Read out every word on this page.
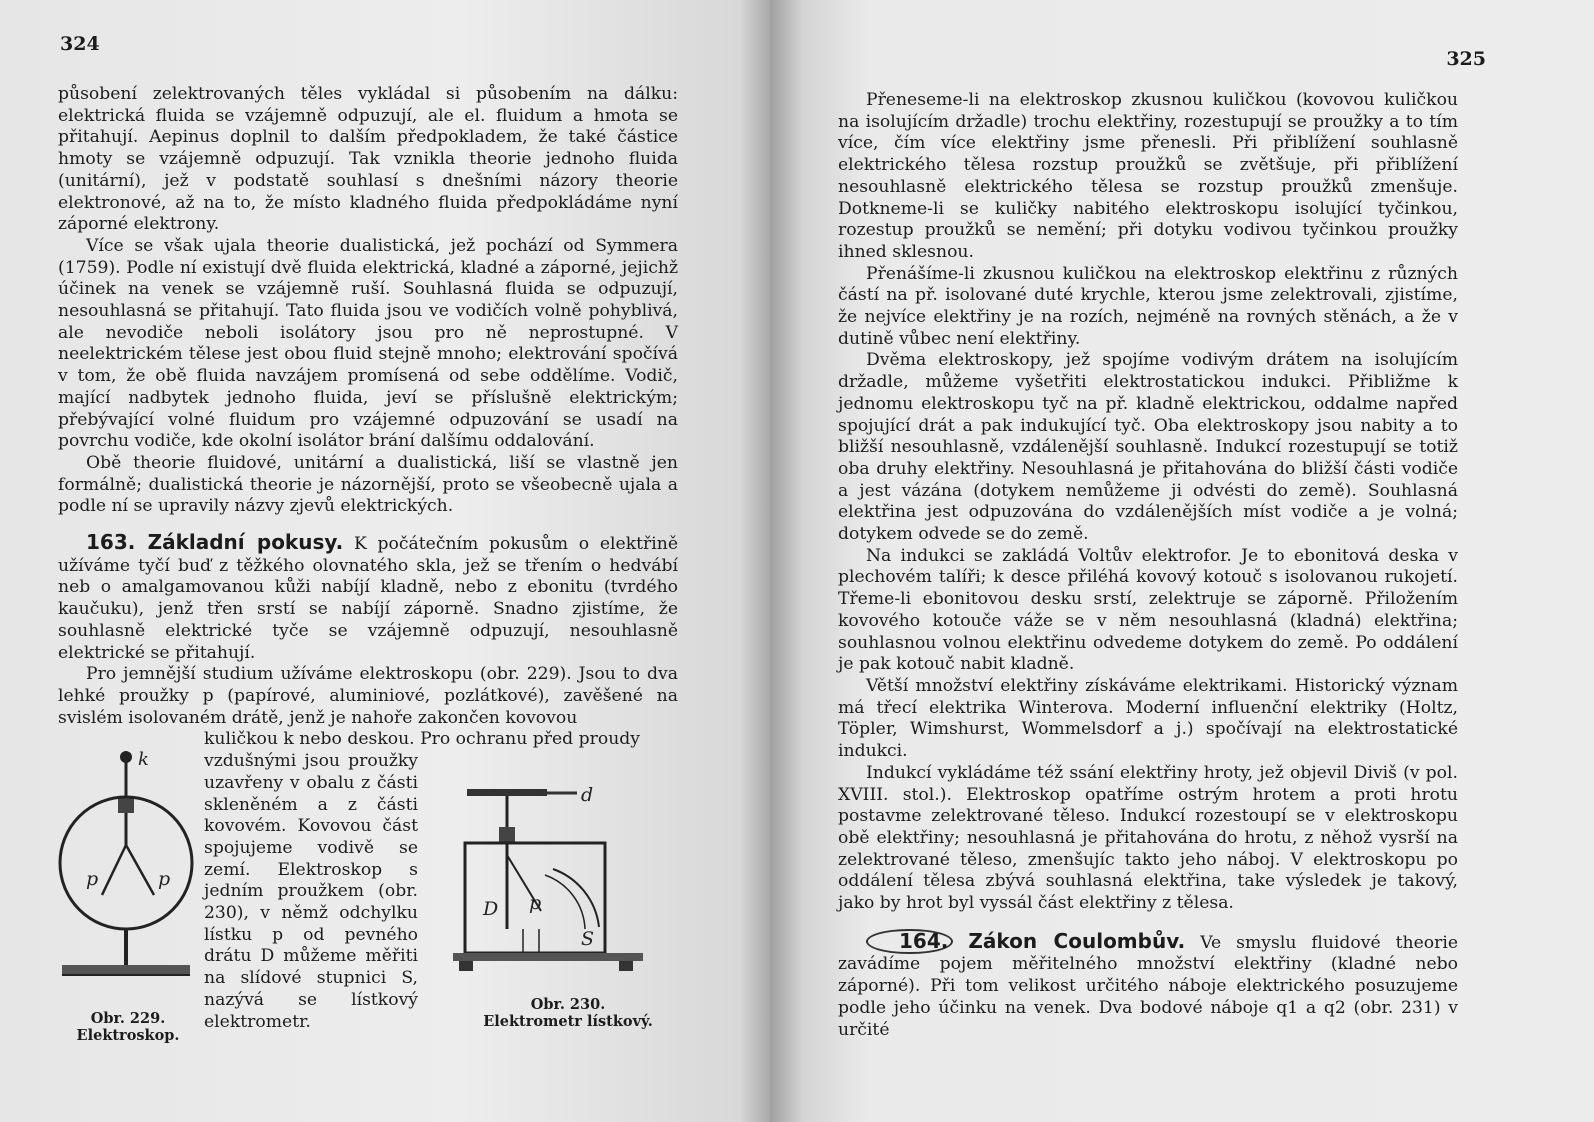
324

působení zelektrovaných těles vykládal si působením na dálku: elektrická fluida se vzájemně odpuzují, ale el. fluidum a hmota se přitahují. Aepinus doplnil to dalším předpokladem, že také částice hmoty se vzájemně odpuzují. Tak vznikla theorie jednoho fluida (unitární), jež v podstatě souhlasí s dnešními názory theorie elektronové, až na to, že místo kladného fluida předpokládáme nyní záporné elektrony.

Více se však ujala theorie dualistická, jež pochází od Symmera (1759). Podle ní existují dvě fluida elektrická, kladné a záporné, jejichž účinek na venek se vzájemně ruší. Souhlasná fluida se odpuzují, nesouhlasná se přitahují. Tato fluida jsou ve vodičích volně pohyblivá, ale nevodiče neboli isolátory jsou pro ně neprostupné. V neelektrickém tělese jest obou fluid stejně mnoho; elektrování spočívá v tom, že obě fluida navzájem promísená od sebe oddělíme. Vodič, mající nadbytek jednoho fluida, jeví se příslušně elektrickým; přebývající volné fluidum pro vzájemné odpuzování se usadí na povrchu vodiče, kde okolní isolátor brání dalšímu oddalování.

Obě theorie fluidové, unitární a dualistická, liší se vlastně jen formálně; dualistická theorie je názornější, proto se všeobecně ujala a podle ní se upravily názvy zjevů elektrických.

163. Základní pokusy. K počátečním pokusům o elektřině užíváme tyčí buď z těžkého olovnatého skla, jež se třením o hedvábí neb o amalgamovanou kůži nabíjí kladně, nebo z ebonitu (tvrdého kaučuku), jenž třen srstí se nabíjí záporně. Snadno zjistíme, že souhlasně elektrické tyče se vzájemně odpuzují, nesouhlasně elektrické se přitahují.

Pro jemnější studium užíváme elektroskopu (obr. 229). Jsou to dva lehké proužky p (papírové, aluminiové, pozlátkové), zavěšené na svislém isolovaném drátě, jenž je nahoře zakončen kovovou

kuličkou k nebo deskou. Pro ochranu před proudy

vzdušnými jsou proužky uzavřeny v obalu z části skleněném a z části kovovém. Kovovou část spojujeme vodivě se zemí. Elektroskop s jedním proužkem (obr. 230), v němž odchylku lístku p od pevného drátu D můžeme měřiti na slídové stupnici S, nazývá se lístkový elektrometr.
k
p	p
Obr. 229.
Elektroskop.
d
D p
S
Obr. 230.
Elektrometr lístkový.
325

Přeneseme-li na elektroskop zkusnou kuličkou (kovovou kuličkou na isolujícím držadle) trochu elektřiny, rozestupují se proužky a to tím více, čím více elektřiny jsme přenesli. Při přiblížení souhlasně elektrického tělesa rozstup proužků se zvětšuje, při přiblížení nesouhlasně elektrického tělesa se rozstup proužků zmenšuje. Dotkneme-li se kuličky nabitého elektroskopu isolující tyčinkou, rozestup proužků se nemění; při dotyku vodivou tyčinkou proužky ihned sklesnou.

Přenášíme-li zkusnou kuličkou na elektroskop elektřinu z různých částí na př. isolované duté krychle, kterou jsme zelektrovali, zjistíme, že nejvíce elektřiny je na rozích, nejméně na rovných stěnách, a že v dutině vůbec není elektřiny.

Dvěma elektroskopy, jež spojíme vodivým drátem na isolujícím držadle, můžeme vyšetřiti elektrostatickou indukci. Přibližme k jednomu elektroskopu tyč na př. kladně elektrickou, oddalme napřed spojující drát a pak indukující tyč. Oba elektroskopy jsou nabity a to bližší nesouhlasně, vzdálenější souhlasně. Indukcí rozestupují se totiž oba druhy elektřiny. Nesouhlasná je přitahována do bližší části vodiče a jest vázána (dotykem nemůžeme ji odvésti do země). Souhlasná elektřina jest odpuzována do vzdálenějších míst vodiče a je volná; dotykem odvede se do země.

Na indukci se zakládá Voltův elektrofor. Je to ebonitová deska v plechovém talíři; k desce přiléhá kovový kotouč s isolovanou rukojetí. Třeme-li ebonitovou desku srstí, zelektruje se záporně. Přiložením kovového kotouče váže se v něm nesouhlasná (kladná) elektřina; souhlasnou volnou elektřinu odvedeme dotykem do země. Po oddálení je pak kotouč nabit kladně.

Větší množství elektřiny získáváme elektrikami. Historický význam má třecí elektrika Winterova. Moderní influenční elektriky (Holtz, Töpler, Wimshurst, Wommelsdorf a j.) spočívají na elektrostatické indukci.

Indukcí vykládáme též ssání elektřiny hroty, jež objevil Diviš (v pol. XVIII. stol.). Elektroskop opatříme ostrým hrotem a proti hrotu postavme zelektrované těleso. Indukcí rozestoupí se v elektroskopu obě elektřiny; nesouhlasná je přitahována do hrotu, z něhož vysrší na zelektrované těleso, zmenšujíc takto jeho náboj. V elektroskopu po oddálení tělesa zbývá souhlasná elektřina, take výsledek je takový, jako by hrot byl vyssál část elektřiny z tělesa.

164. Zákon Coulombův. Ve smyslu fluidové theorie zavádíme pojem měřitelného množství elektřiny (kladné nebo záporné). Při tom velikost určitého náboje elektrického posuzujeme podle jeho účinku na venek. Dva bodové náboje q1 a q2 (obr. 231) v určité
